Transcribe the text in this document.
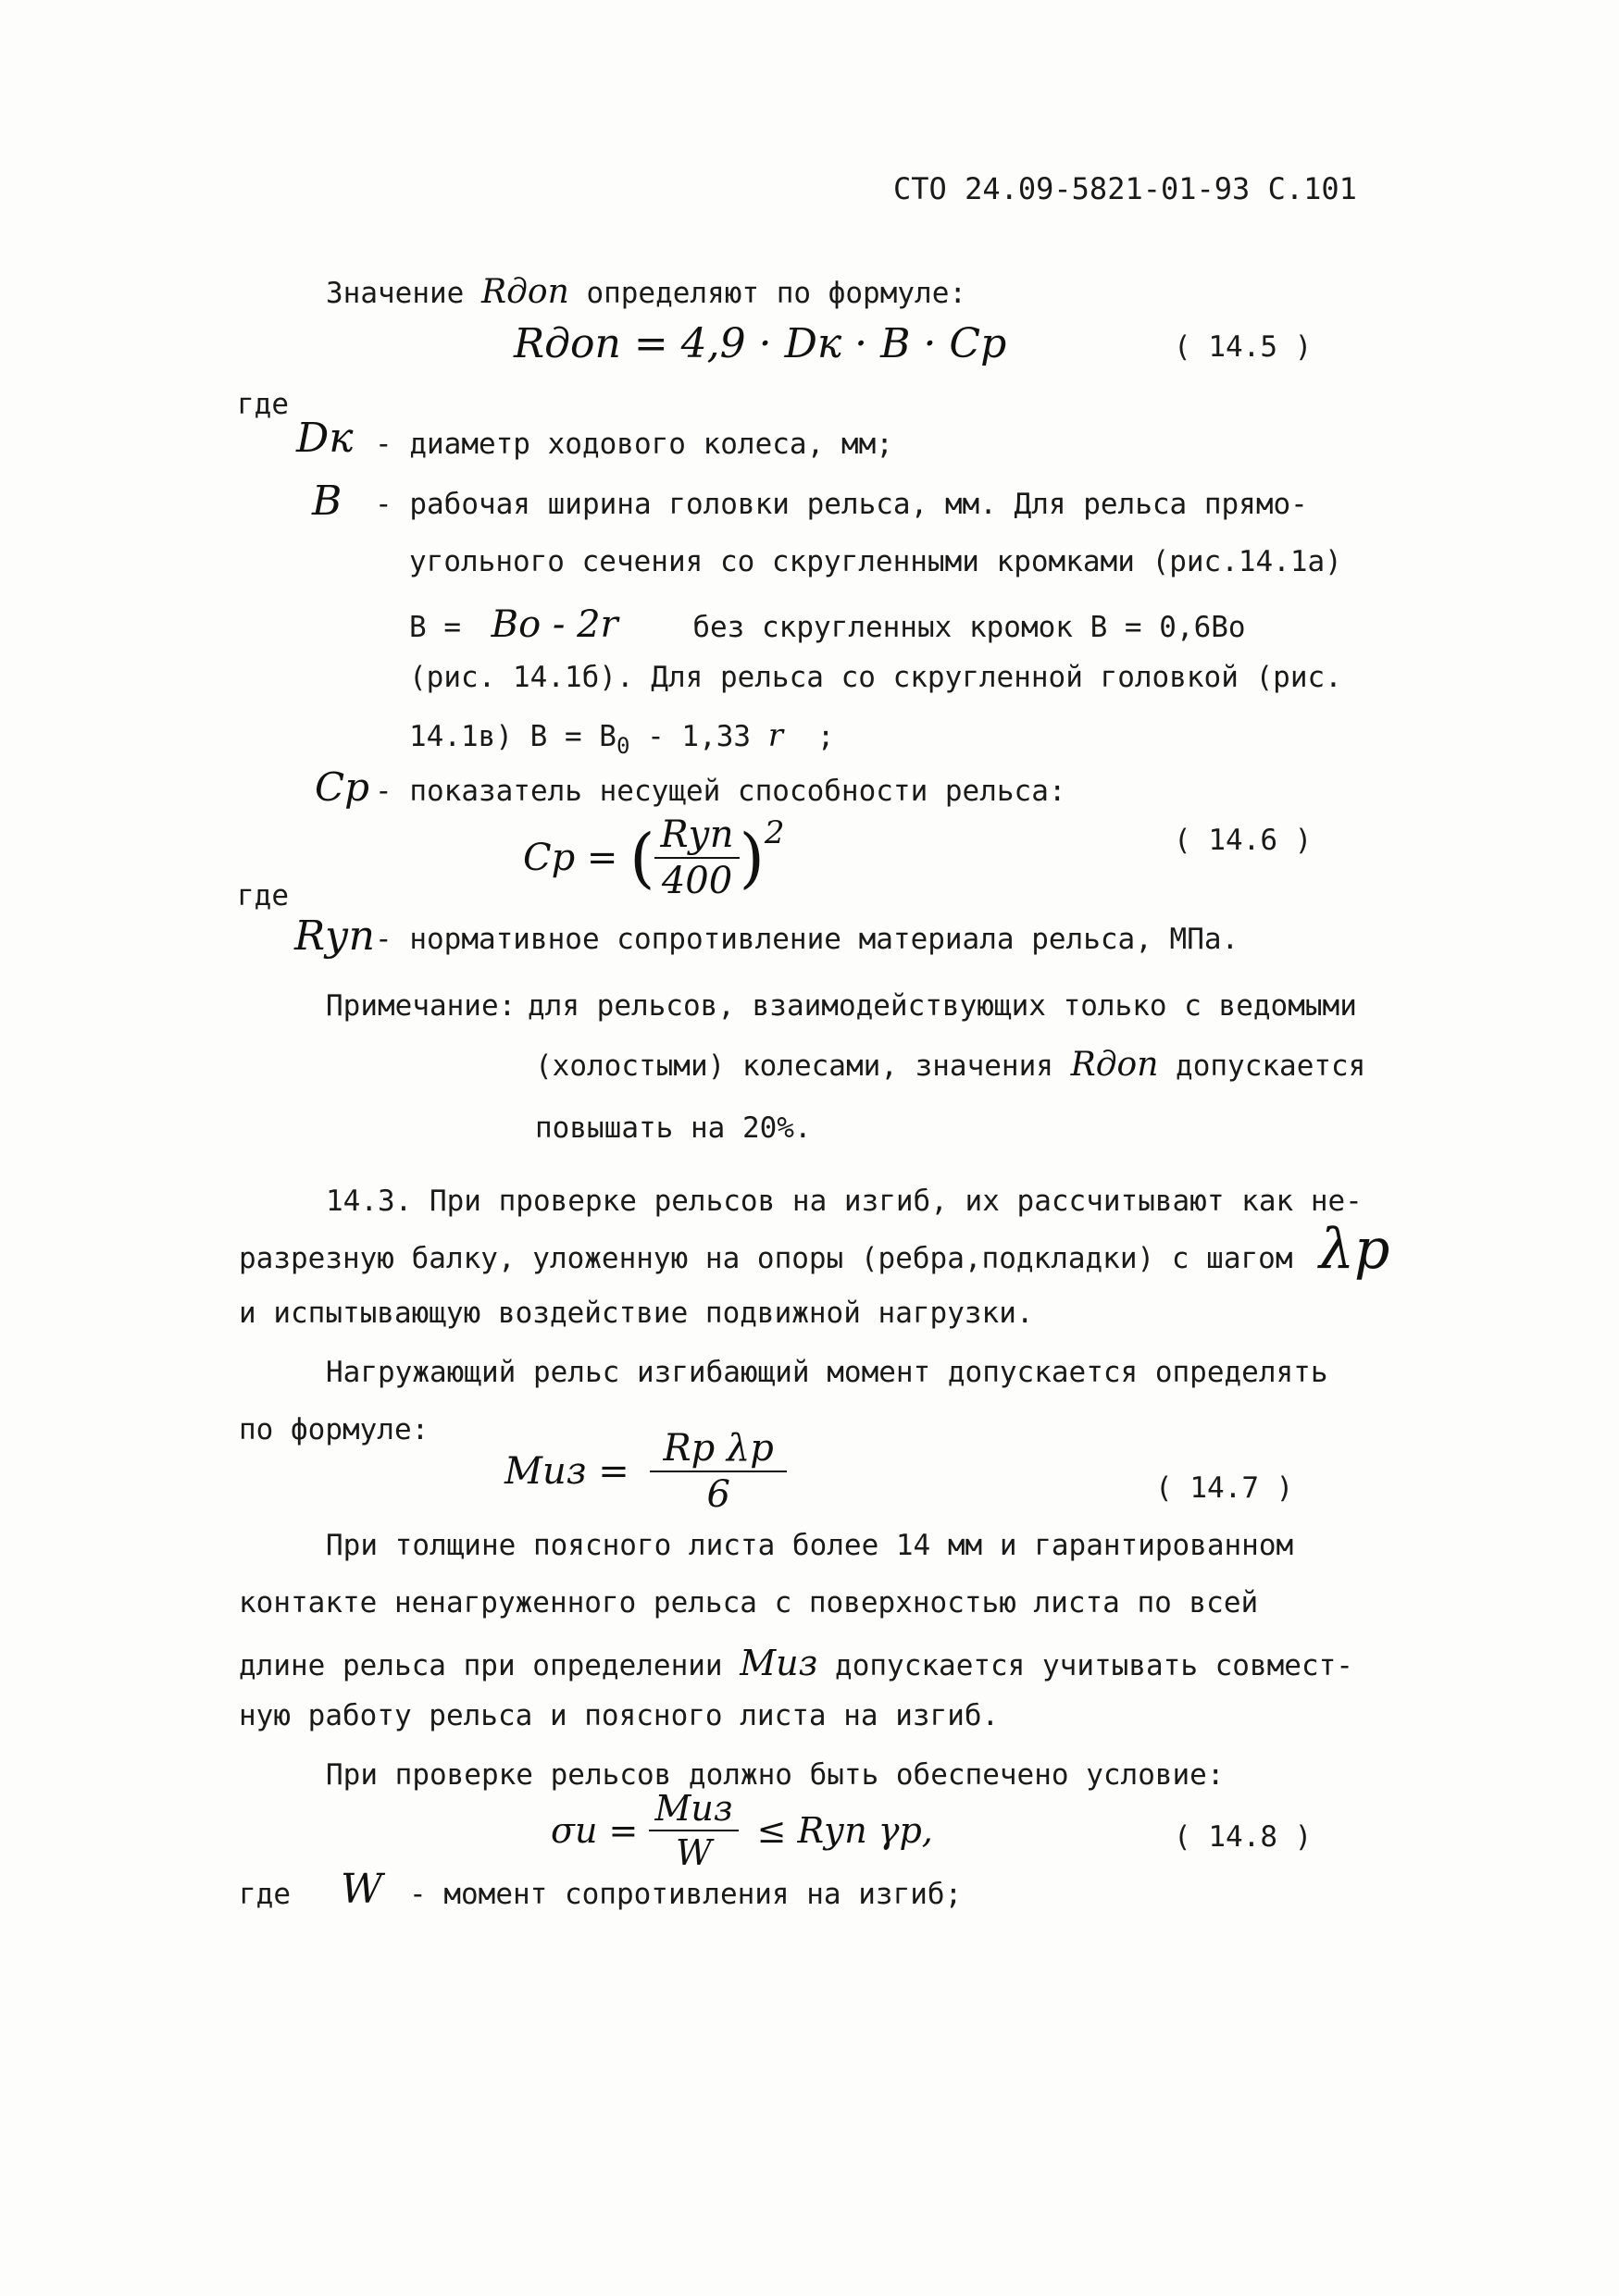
СТО 24.09-5821-01-93 С.101
Значение Rдоп определяют по формуле:
Rдоп = 4,9 · Dк · B · Cр	( 14.5 )
где
Dк - диаметр ходового колеса, мм;
B - рабочая ширина головки рельса, мм. Для рельса прямо-
угольного сечения со скругленными кромками (рис.14.1а)
B = Bо - 2r	без скругленных кромок B = 0,6Bо
(рис. 14.1б). Для рельса со скругленной головкой (рис.
14.1в) $B = B_0 - 1,33$ r ;
Cр - показатель несущей способности рельса:
Cр = ( $\frac{\text{Rуп}}{400} )^2$	( 14.6 )
где
Rуп - нормативное сопротивление материала рельса, МПа.
Примечание: для рельсов, взаимодействующих только с ведомыми
(холостыми) колесами, значения Rдоп допускается
повышать на 20%.
14.3. При проверке рельсов на изгиб, их рассчитывают как не-
разрезную балку, уложенную на опоры (ребра,подкладки) с шагом λр
и испытывающую воздействие подвижной нагрузки.
Нагружающий рельс изгибающий момент допускается определять
по формуле:
Mиз = $\frac{\text{Rр λр}}{6}$	( 14.7 )
При толщине поясного листа более 14 мм и гарантированном
контакте ненагруженного рельса с поверхностью листа по всей
длине рельса при определении Mиз допускается учитывать совмест-
ную работу рельса и поясного листа на изгиб.
При проверке рельсов должно быть обеспечено условие:
$\sigma и = \frac{\text{Mиз}}{W}$ ≤ Rуп γр,	( 14.8 )
где W - момент сопротивления на изгиб;
